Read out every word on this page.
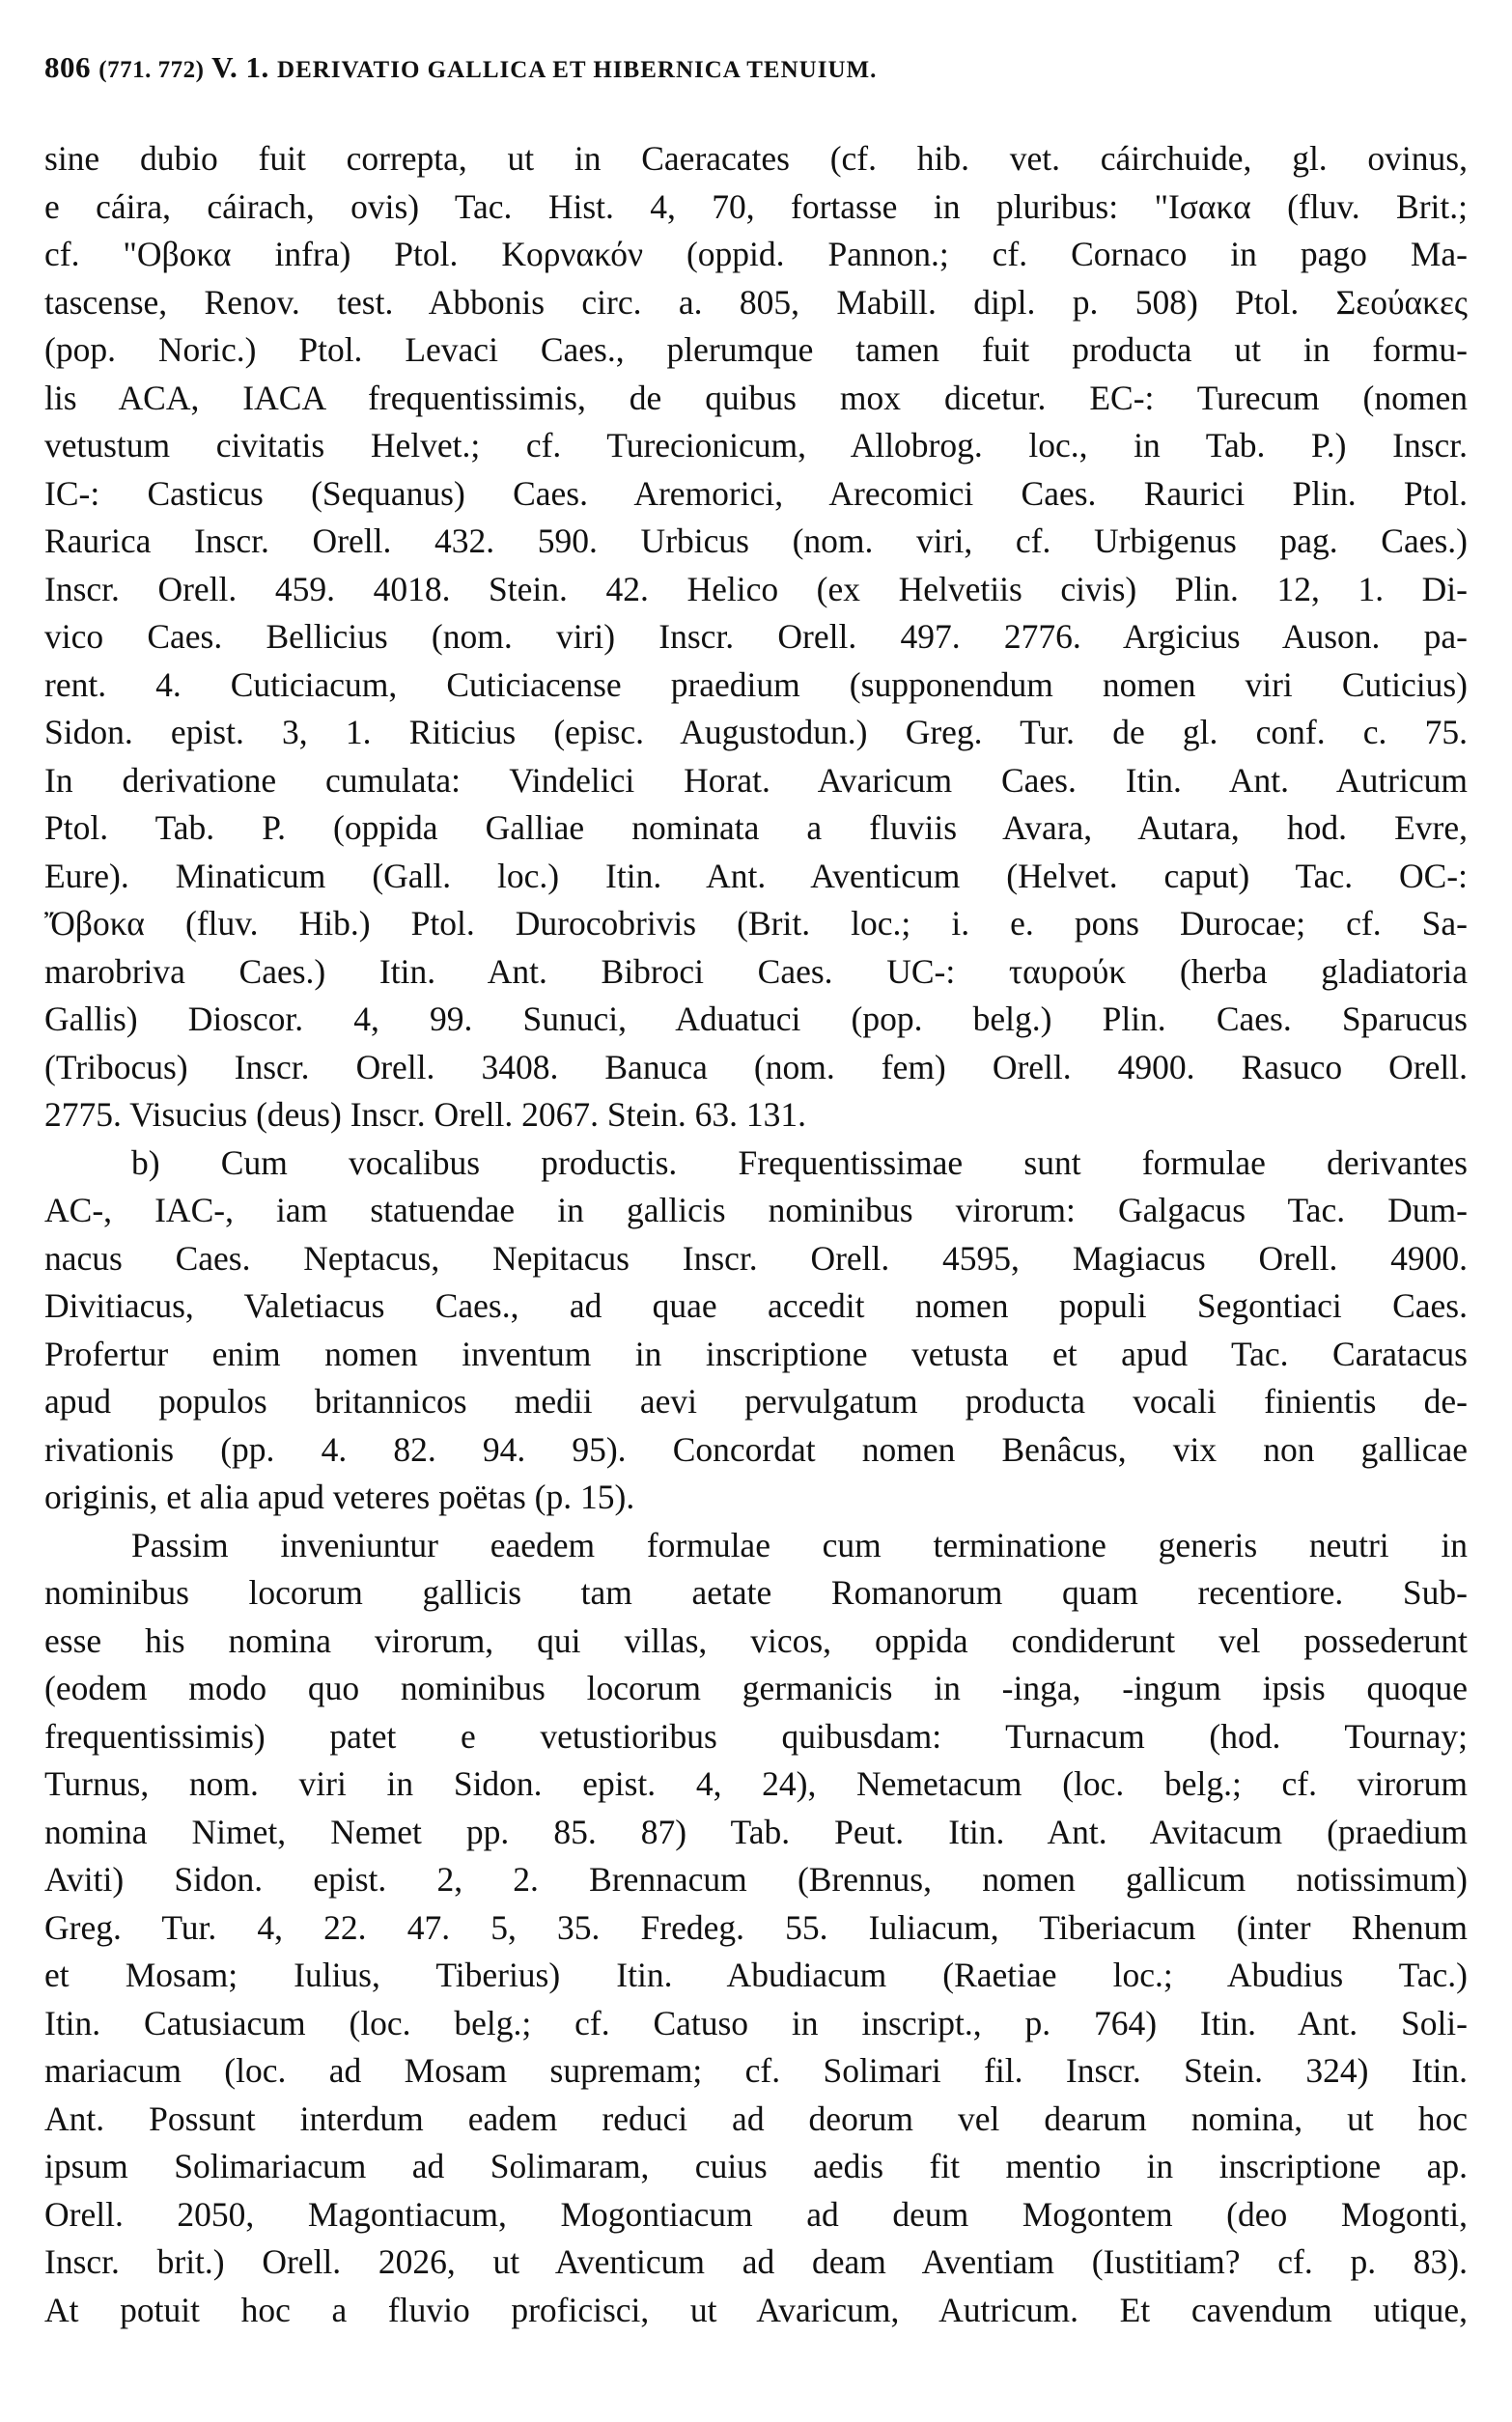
806 (771. 772) V. 1. DERIVATIO GALLICA ET HIBERNICA TENUIUM.
sine dubio fuit correpta, ut in Caeracates (cf. hib. vet. cáirchuide, gl. ovinus,
e cáira, cáirach, ovis) Tac. Hist. 4, 70, fortasse in pluribus: "Ισακα (fluv. Brit.;
cf. "Οβοκα infra) Ptol. Κορνακόν (oppid. Pannon.; cf. Cornaco in pago Ma-
tascense, Renov. test. Abbonis circ. a. 805, Mabill. dipl. p. 508) Ptol. Σεούακες
(pop. Noric.) Ptol. Levaci Caes., plerumque tamen fuit producta ut in formu-
lis ACA, IACA frequentissimis, de quibus mox dicetur. EC-: Turecum (nomen
vetustum civitatis Helvet.; cf. Turecionicum, Allobrog. loc., in Tab. P.) Inscr.
IC-: Casticus (Sequanus) Caes. Aremorici, Arecomici Caes. Raurici Plin. Ptol.
Raurica Inscr. Orell. 432. 590. Urbicus (nom. viri, cf. Urbigenus pag. Caes.)
Inscr. Orell. 459. 4018. Stein. 42. Helico (ex Helvetiis civis) Plin. 12, 1. Di-
vico Caes. Bellicius (nom. viri) Inscr. Orell. 497. 2776. Argicius Auson. pa-
rent. 4. Cuticiacum, Cuticiacense praedium (supponendum nomen viri Cuticius)
Sidon. epist. 3, 1. Riticius (episc. Augustodun.) Greg. Tur. de gl. conf. c. 75.
In derivatione cumulata: Vindelici Horat. Avaricum Caes. Itin. Ant. Autricum
Ptol. Tab. P. (oppida Galliae nominata a fluviis Avara, Autara, hod. Evre,
Eure). Minaticum (Gall. loc.) Itin. Ant. Aventicum (Helvet. caput) Tac. OC-:
Ὄβοκα (fluv. Hib.) Ptol. Durocobrivis (Brit. loc.; i. e. pons Durocae; cf. Sa-
marobriva Caes.) Itin. Ant. Bibroci Caes. UC-: ταυρούκ (herba gladiatoria
Gallis) Dioscor. 4, 99. Sunuci, Aduatuci (pop. belg.) Plin. Caes. Sparucus
(Tribocus) Inscr. Orell. 3408. Banuca (nom. fem) Orell. 4900. Rasuco Orell.
2775. Visucius (deus) Inscr. Orell. 2067. Stein. 63. 131.
b) Cum vocalibus productis. Frequentissimae sunt formulae derivantes
AC-, IAC-, iam statuendae in gallicis nominibus virorum: Galgacus Tac. Dum-
nacus Caes. Neptacus, Nepitacus Inscr. Orell. 4595, Magiacus Orell. 4900.
Divitiacus, Valetiacus Caes., ad quae accedit nomen populi Segontiaci Caes.
Profertur enim nomen inventum in inscriptione vetusta et apud Tac. Caratacus
apud populos britannicos medii aevi pervulgatum producta vocali finientis de-
rivationis (pp. 4. 82. 94. 95). Concordat nomen Benâcus, vix non gallicae
originis, et alia apud veteres poëtas (p. 15).
Passim inveniuntur eaedem formulae cum terminatione generis neutri in
nominibus locorum gallicis tam aetate Romanorum quam recentiore. Sub-
esse his nomina virorum, qui villas, vicos, oppida condiderunt vel possederunt
(eodem modo quo nominibus locorum germanicis in -inga, -ingum ipsis quoque
frequentissimis) patet e vetustioribus quibusdam: Turnacum (hod. Tournay;
Turnus, nom. viri in Sidon. epist. 4, 24), Nemetacum (loc. belg.; cf. virorum
nomina Nimet, Nemet pp. 85. 87) Tab. Peut. Itin. Ant. Avitacum (praedium
Aviti) Sidon. epist. 2, 2. Brennacum (Brennus, nomen gallicum notissimum)
Greg. Tur. 4, 22. 47. 5, 35. Fredeg. 55. Iuliacum, Tiberiacum (inter Rhenum
et Mosam; Iulius, Tiberius) Itin. Abudiacum (Raetiae loc.; Abudius Tac.)
Itin. Catusiacum (loc. belg.; cf. Catuso in inscript., p. 764) Itin. Ant. Soli-
mariacum (loc. ad Mosam supremam; cf. Solimari fil. Inscr. Stein. 324) Itin.
Ant. Possunt interdum eadem reduci ad deorum vel dearum nomina, ut hoc
ipsum Solimariacum ad Solimaram, cuius aedis fit mentio in inscriptione ap.
Orell. 2050, Magontiacum, Mogontiacum ad deum Mogontem (deo Mogonti,
Inscr. brit.) Orell. 2026, ut Aventicum ad deam Aventiam (Iustitiam? cf. p. 83).
At potuit hoc a fluvio proficisci, ut Avaricum, Autricum. Et cavendum utique,
